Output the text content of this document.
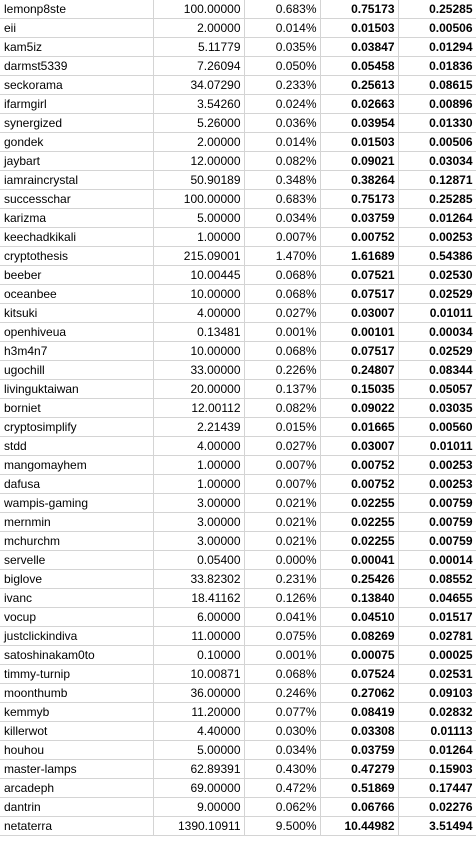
lemonp8ste	100.00000	0.683%	0.75173	0.25285
eii	2.00000	0.014%	0.01503	0.00506
kam5iz	5.11779	0.035%	0.03847	0.01294
darmst5339	7.26094	0.050%	0.05458	0.01836
seckorama	34.07290	0.233%	0.25613	0.08615
ifarmgirl	3.54260	0.024%	0.02663	0.00896
synergized	5.26000	0.036%	0.03954	0.01330
gondek	2.00000	0.014%	0.01503	0.00506
jaybart	12.00000	0.082%	0.09021	0.03034
iamraincrystal	50.90189	0.348%	0.38264	0.12871
successchar	100.00000	0.683%	0.75173	0.25285
karizma	5.00000	0.034%	0.03759	0.01264
keechadkikali	1.00000	0.007%	0.00752	0.00253
cryptothesis	215.09001	1.470%	1.61689	0.54386
beeber	10.00445	0.068%	0.07521	0.02530
oceanbee	10.00000	0.068%	0.07517	0.02529
kitsuki	4.00000	0.027%	0.03007	0.01011
openhiveua	0.13481	0.001%	0.00101	0.00034
h3m4n7	10.00000	0.068%	0.07517	0.02529
ugochill	33.00000	0.226%	0.24807	0.08344
livinguktaiwan	20.00000	0.137%	0.15035	0.05057
borniet	12.00112	0.082%	0.09022	0.03035
cryptosimplify	2.21439	0.015%	0.01665	0.00560
stdd	4.00000	0.027%	0.03007	0.01011
mangomayhem	1.00000	0.007%	0.00752	0.00253
dafusa	1.00000	0.007%	0.00752	0.00253
wampis-gaming	3.00000	0.021%	0.02255	0.00759
mernmin	3.00000	0.021%	0.02255	0.00759
mchurchm	3.00000	0.021%	0.02255	0.00759
servelle	0.05400	0.000%	0.00041	0.00014
biglove	33.82302	0.231%	0.25426	0.08552
ivanc	18.41162	0.126%	0.13840	0.04655
vocup	6.00000	0.041%	0.04510	0.01517
justclickindiva	11.00000	0.075%	0.08269	0.02781
satoshinakam0to	0.10000	0.001%	0.00075	0.00025
timmy-turnip	10.00871	0.068%	0.07524	0.02531
moonthumb	36.00000	0.246%	0.27062	0.09103
kemmyb	11.20000	0.077%	0.08419	0.02832
killerwot	4.40000	0.030%	0.03308	0.01113
houhou	5.00000	0.034%	0.03759	0.01264
master-lamps	62.89391	0.430%	0.47279	0.15903
arcadeph	69.00000	0.472%	0.51869	0.17447
dantrin	9.00000	0.062%	0.06766	0.02276
netaterra	1390.10911	9.500%	10.44982	3.51494
